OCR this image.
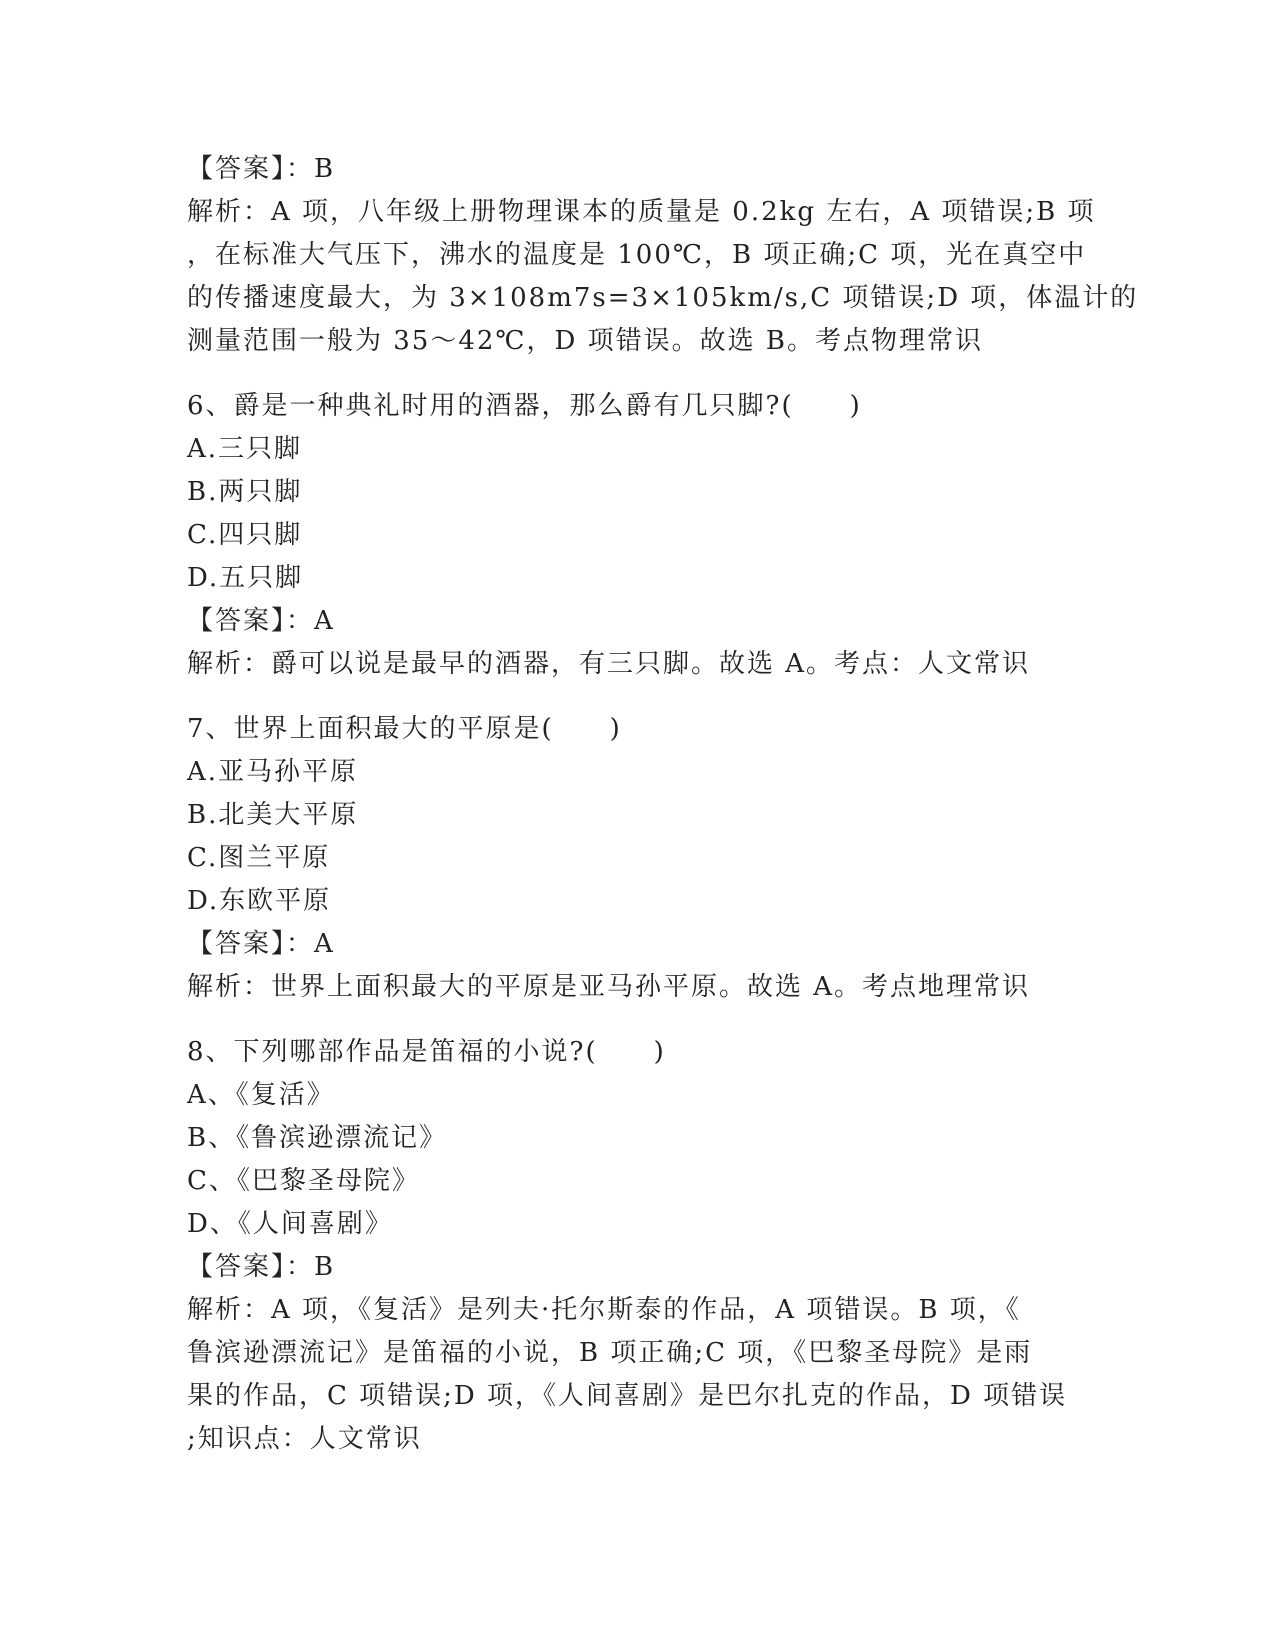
【答案】：B
解析：A 项，八年级上册物理课本的质量是 0.2kg 左右，A 项错误;B 项
，在标准大气压下，沸水的温度是 100℃，B 项正确;C 项，光在真空中
的传播速度最大，为 3×108m7s=3×105km/s,C 项错误;D 项，体温计的
测量范围一般为 35～42℃，D 项错误。故选 B。考点物理常识
6、爵是一种典礼时用的酒器，那么爵有几只脚?(　　)
A.三只脚
B.两只脚
C.四只脚
D.五只脚
【答案】：A
解析：爵可以说是最早的酒器，有三只脚。故选 A。考点：人文常识
7、世界上面积最大的平原是(　　)
A.亚马孙平原
B.北美大平原
C.图兰平原
D.东欧平原
【答案】：A
解析：世界上面积最大的平原是亚马孙平原。故选 A。考点地理常识
8、下列哪部作品是笛福的小说?(　　)
A、《复活》
B、《鲁滨逊漂流记》
C、《巴黎圣母院》
D、《人间喜剧》
【答案】：B
解析：A 项，《复活》是列夫·托尔斯泰的作品，A 项错误。B 项，《
鲁滨逊漂流记》是笛福的小说，B 项正确;C 项，《巴黎圣母院》是雨
果的作品，C 项错误;D 项，《人间喜剧》是巴尔扎克的作品，D 项错误
;知识点：人文常识
